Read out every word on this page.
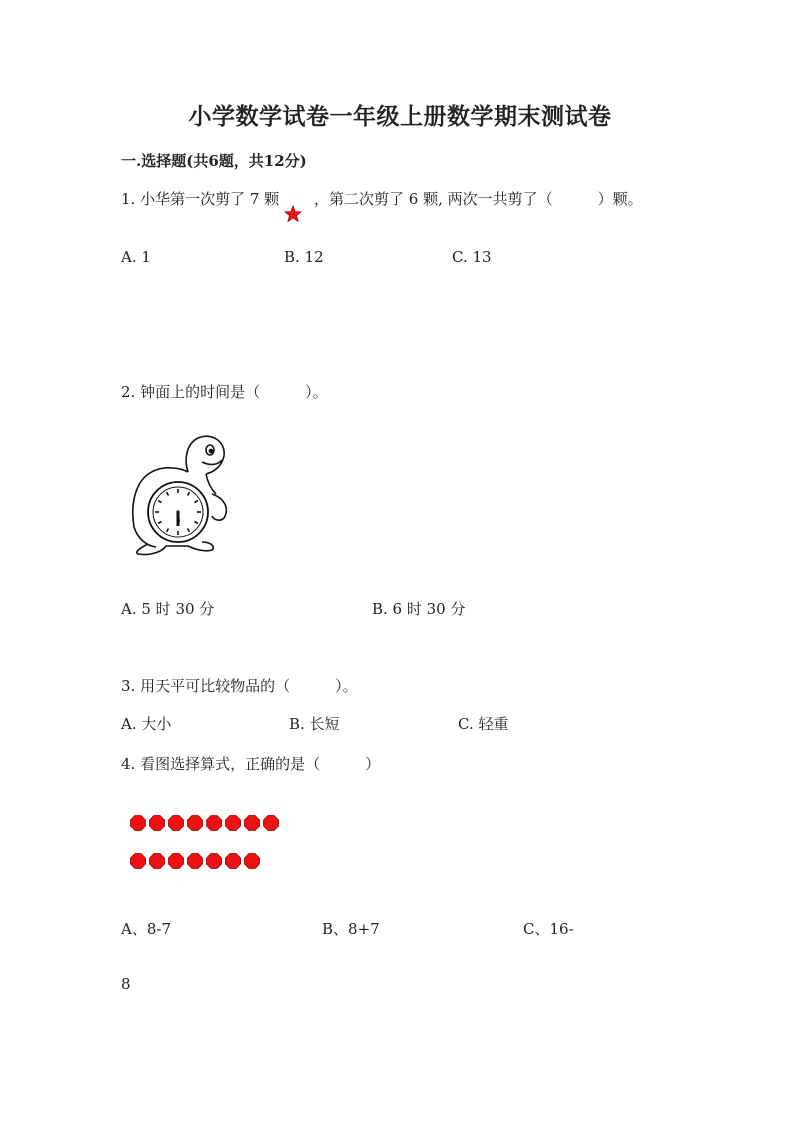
小学数学试卷一年级上册数学期末测试卷
一.选择题(共6题，共12分)
1. 小华第一次剪了 7 颗 ，第二次剪了 6 颗, 两次一共剪了（　　　）颗。
A. 1	B. 12	C. 13
2. 钟面上的时间是（　　　）。
A. 5 时 30 分	B. 6 时 30 分
3. 用天平可比较物品的（　　　）。
A. 大小	B. 长短	C. 轻重
4. 看图选择算式，正确的是（　　　）
A、8-7	B、8+7	C、16-
8
